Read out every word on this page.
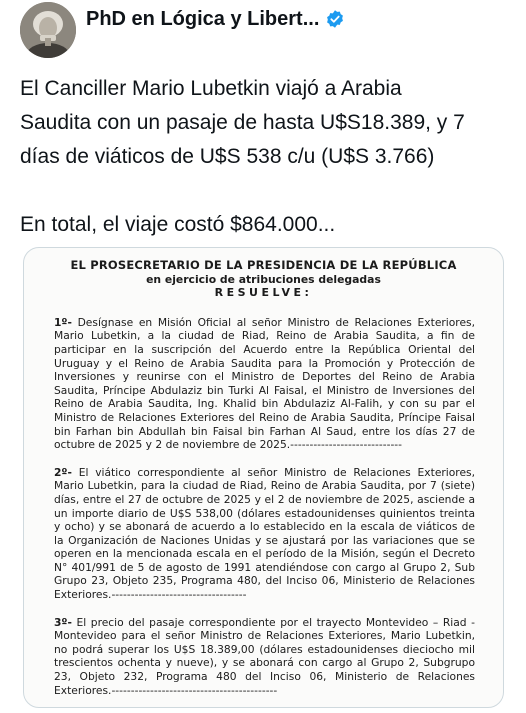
PhD en Lógica y Libert...

El Canciller Mario Lubetkin viajó a Arabia

Saudita con un pasaje de hasta U$S18.389, y 7

días de viáticos de U$S 538 c/u (U$S 3.766)

En total, el viaje costó $864.000...

EL PROSECRETARIO DE LA PRESIDENCIA DE LA REPÚBLICA
en ejercicio de atribuciones delegadas
RESUELVE:
1º- Desígnase en Misión Oficial al señor Ministro de Relaciones Exteriores, Mario Lubetkin, a la ciudad de Riad, Reino de Arabia Saudita, a fin de participar en la suscripción del Acuerdo entre la República Oriental del Uruguay y el Reino de Arabia Saudita para la Promoción y Protección de Inversiones y reunirse con el Ministro de Deportes del Reino de Arabia Saudita, Príncipe Abdulaziz bin Turki Al Faisal, el Ministro de Inversiones del Reino de Arabia Saudita, Ing. Khalid bin Abdulaziz Al-Falih, y con su par el Ministro de Relaciones Exteriores del Reino de Arabia Saudita, Príncipe Faisal bin Farhan bin Abdullah bin Faisal bin Farhan Al Saud, entre los días 27 de octubre de 2025 y 2 de noviembre de 2025.-----------------------------
2º- El viático correspondiente al señor Ministro de Relaciones Exteriores, Mario Lubetkin, para la ciudad de Riad, Reino de Arabia Saudita, por 7 (siete) días, entre el 27 de octubre de 2025 y el 2 de noviembre de 2025, asciende a un importe diario de U$S 538,00 (dólares estadounidenses quinientos treinta y ocho) y se abonará de acuerdo a lo establecido en la escala de viáticos de la Organización de Naciones Unidas y se ajustará por las variaciones que se operen en la mencionada escala en el período de la Misión, según el Decreto N° 401/991 de 5 de agosto de 1991 atendiéndose con cargo al Grupo 2, Sub Grupo 23, Objeto 235, Programa 480, del Inciso 06, Ministerio de Relaciones Exteriores.-----------------------------------
3º- El precio del pasaje correspondiente por el trayecto Montevideo – Riad - Montevideo para el señor Ministro de Relaciones Exteriores, Mario Lubetkin, no podrá superar los U$S 18.389,00 (dólares estadounidenses dieciocho mil trescientos ochenta y nueve), y se abonará con cargo al Grupo 2, Subgrupo 23, Objeto 232, Programa 480 del Inciso 06, Ministerio de Relaciones Exteriores.-------------------------------------------
